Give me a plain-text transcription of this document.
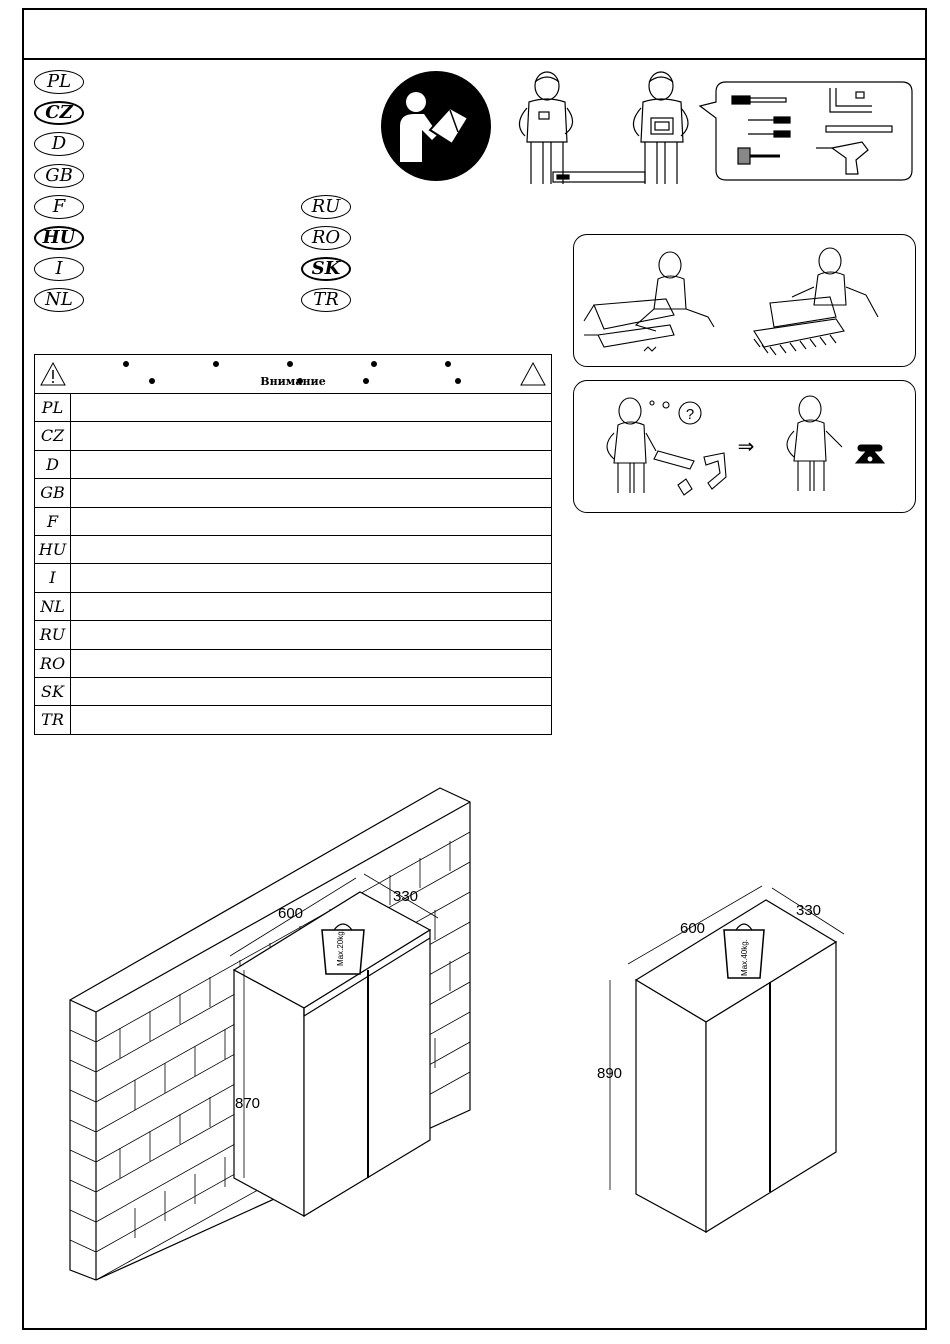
PL
CZ
D
GB
F
HU
I
NL
RU
RO
SK
TR
?
⇒
Внимание
PL
CZ
D
GB
F
HU
I
NL
RU
RO
SK
TR
600
330
870
Max.20kg.
600
330
890
Max.40kg.
